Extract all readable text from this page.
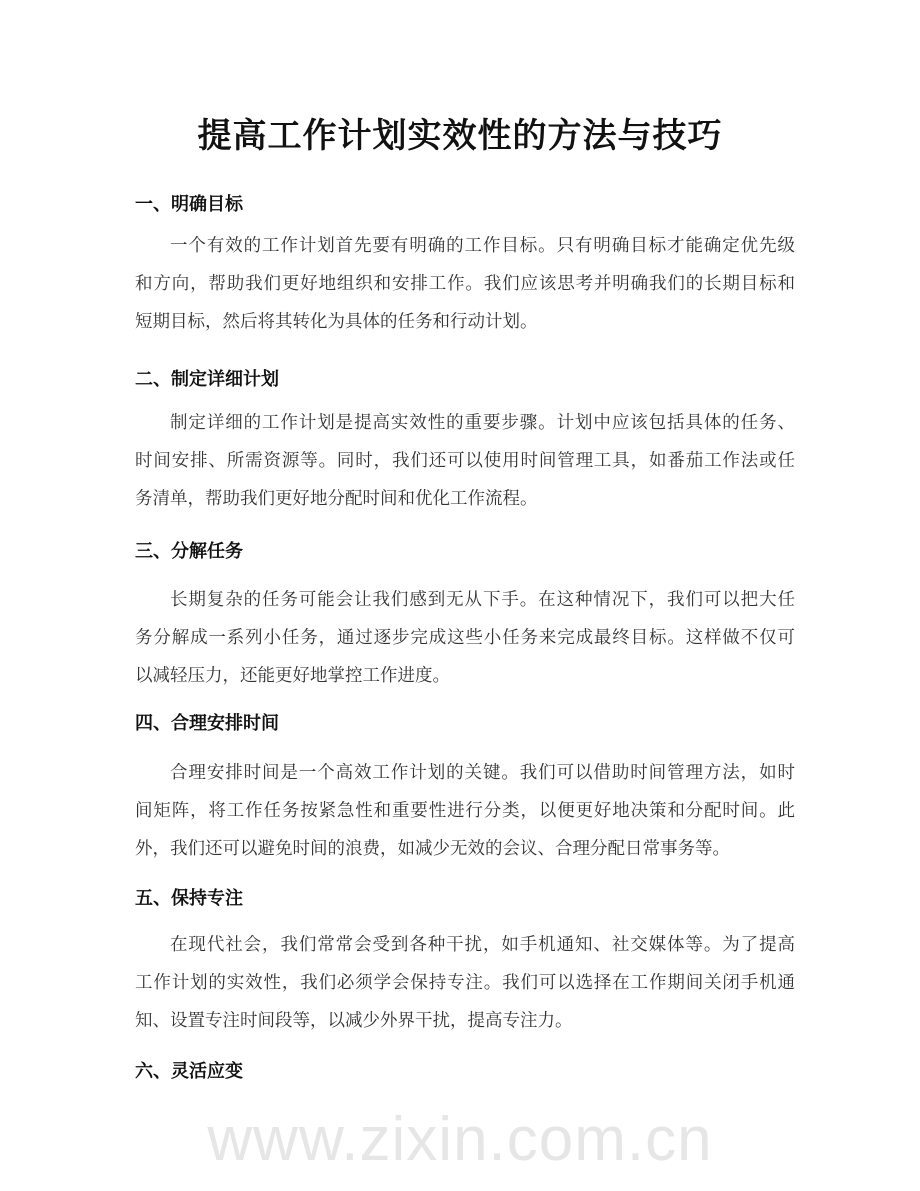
提高工作计划实效性的方法与技巧
一、明确目标
一个有效的工作计划首先要有明确的工作目标。只有明确目标才能确定优先级
和方向，帮助我们更好地组织和安排工作。我们应该思考并明确我们的长期目标和
短期目标，然后将其转化为具体的任务和行动计划。
二、制定详细计划
制定详细的工作计划是提高实效性的重要步骤。计划中应该包括具体的任务、
时间安排、所需资源等。同时，我们还可以使用时间管理工具，如番茄工作法或任
务清单，帮助我们更好地分配时间和优化工作流程。
三、分解任务
长期复杂的任务可能会让我们感到无从下手。在这种情况下，我们可以把大任
务分解成一系列小任务，通过逐步完成这些小任务来完成最终目标。这样做不仅可
以减轻压力，还能更好地掌控工作进度。
四、合理安排时间
合理安排时间是一个高效工作计划的关键。我们可以借助时间管理方法，如时
间矩阵，将工作任务按紧急性和重要性进行分类，以便更好地决策和分配时间。此
外，我们还可以避免时间的浪费，如减少无效的会议、合理分配日常事务等。
五、保持专注
在现代社会，我们常常会受到各种干扰，如手机通知、社交媒体等。为了提高
工作计划的实效性，我们必须学会保持专注。我们可以选择在工作期间关闭手机通
知、设置专注时间段等，以减少外界干扰，提高专注力。
六、灵活应变
www.zixin.com.cn
